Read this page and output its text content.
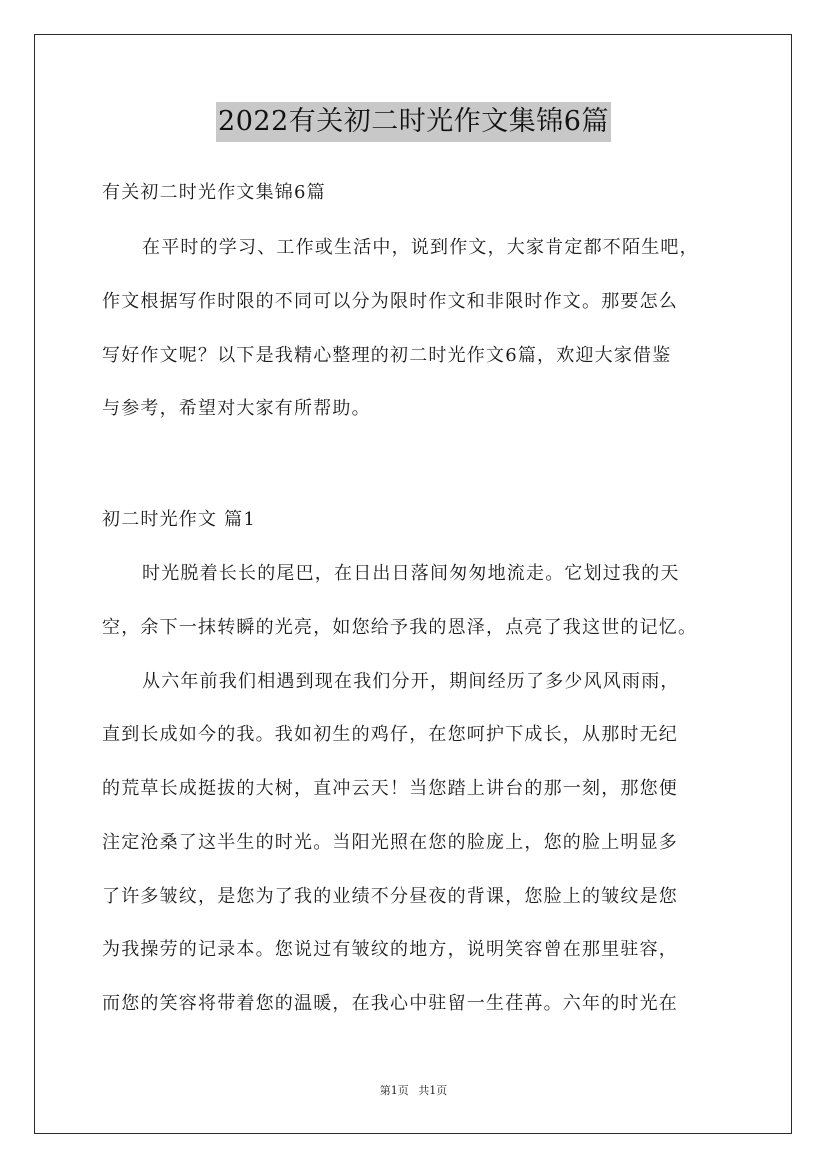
2022有关初二时光作文集锦6篇
有关初二时光作文集锦6篇
在平时的学习、工作或生活中，说到作文，大家肯定都不陌生吧，
作文根据写作时限的不同可以分为限时作文和非限时作文。那要怎么
写好作文呢？以下是我精心整理的初二时光作文6篇，欢迎大家借鉴
与参考，希望对大家有所帮助。
初二时光作文 篇1
时光脱着长长的尾巴，在日出日落间匆匆地流走。它划过我的天
空，余下一抹转瞬的光亮，如您给予我的恩泽，点亮了我这世的记忆。
从六年前我们相遇到现在我们分开，期间经历了多少风风雨雨，
直到长成如今的我。我如初生的鸡仔，在您呵护下成长，从那时无纪
的荒草长成挺拔的大树，直冲云天！当您踏上讲台的那一刻，那您便
注定沧桑了这半生的时光。当阳光照在您的脸庞上，您的脸上明显多
了许多皱纹，是您为了我的业绩不分昼夜的背课，您脸上的皱纹是您
为我操劳的记录本。您说过有皱纹的地方，说明笑容曾在那里驻容，
而您的笑容将带着您的温暖，在我心中驻留一生荏苒。六年的时光在
第1页 共1页
